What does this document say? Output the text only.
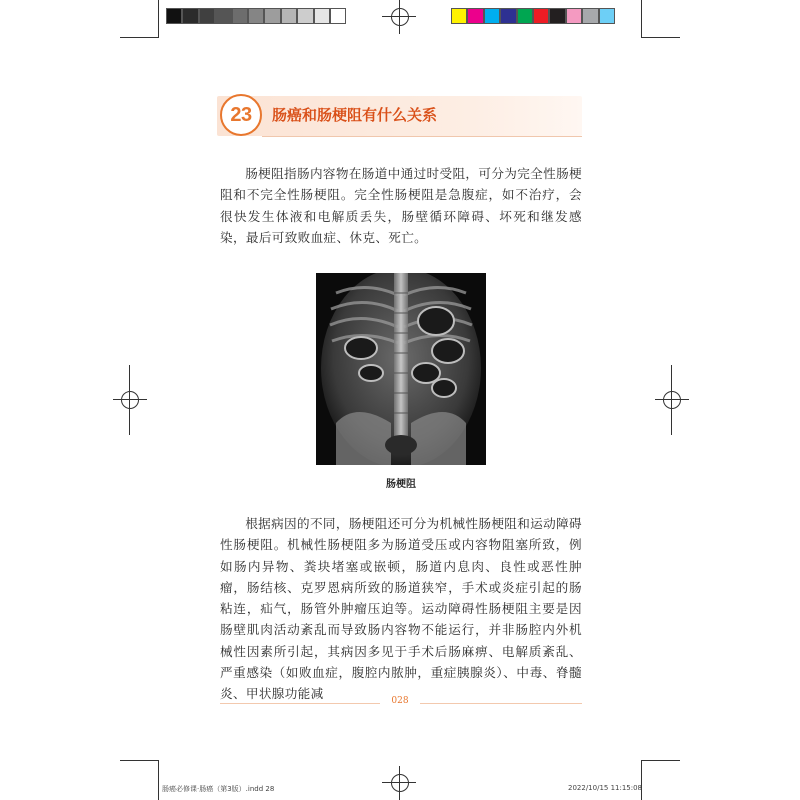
23 肠癌和肠梗阻有什么关系

肠梗阻指肠内容物在肠道中通过时受阻，可分为完全性肠梗阻和不完全性肠梗阻。完全性肠梗阻是急腹症，如不治疗，会很快发生体液和电解质丢失，肠壁循环障碍、坏死和继发感染，最后可致败血症、休克、死亡。

肠梗阻

根据病因的不同，肠梗阻还可分为机械性肠梗阻和运动障碍性肠梗阻。机械性肠梗阻多为肠道受压或内容物阻塞所致，例如肠内异物、粪块堵塞或嵌顿，肠道内息肉、良性或恶性肿瘤，肠结核、克罗恩病所致的肠道狭窄，手术或炎症引起的肠粘连，疝气，肠管外肿瘤压迫等。运动障碍性肠梗阻主要是因肠壁肌肉活动紊乱而导致肠内容物不能运行，并非肠腔内外机械性因素所引起，其病因多见于手术后肠麻痹、电解质紊乱、严重感染（如败血症，腹腔内脓肿，重症胰腺炎）、中毒、脊髓炎、甲状腺功能减	028
肠癌必修课·肠癌（第3版）.indd 28	2022/10/15 11:15:08
